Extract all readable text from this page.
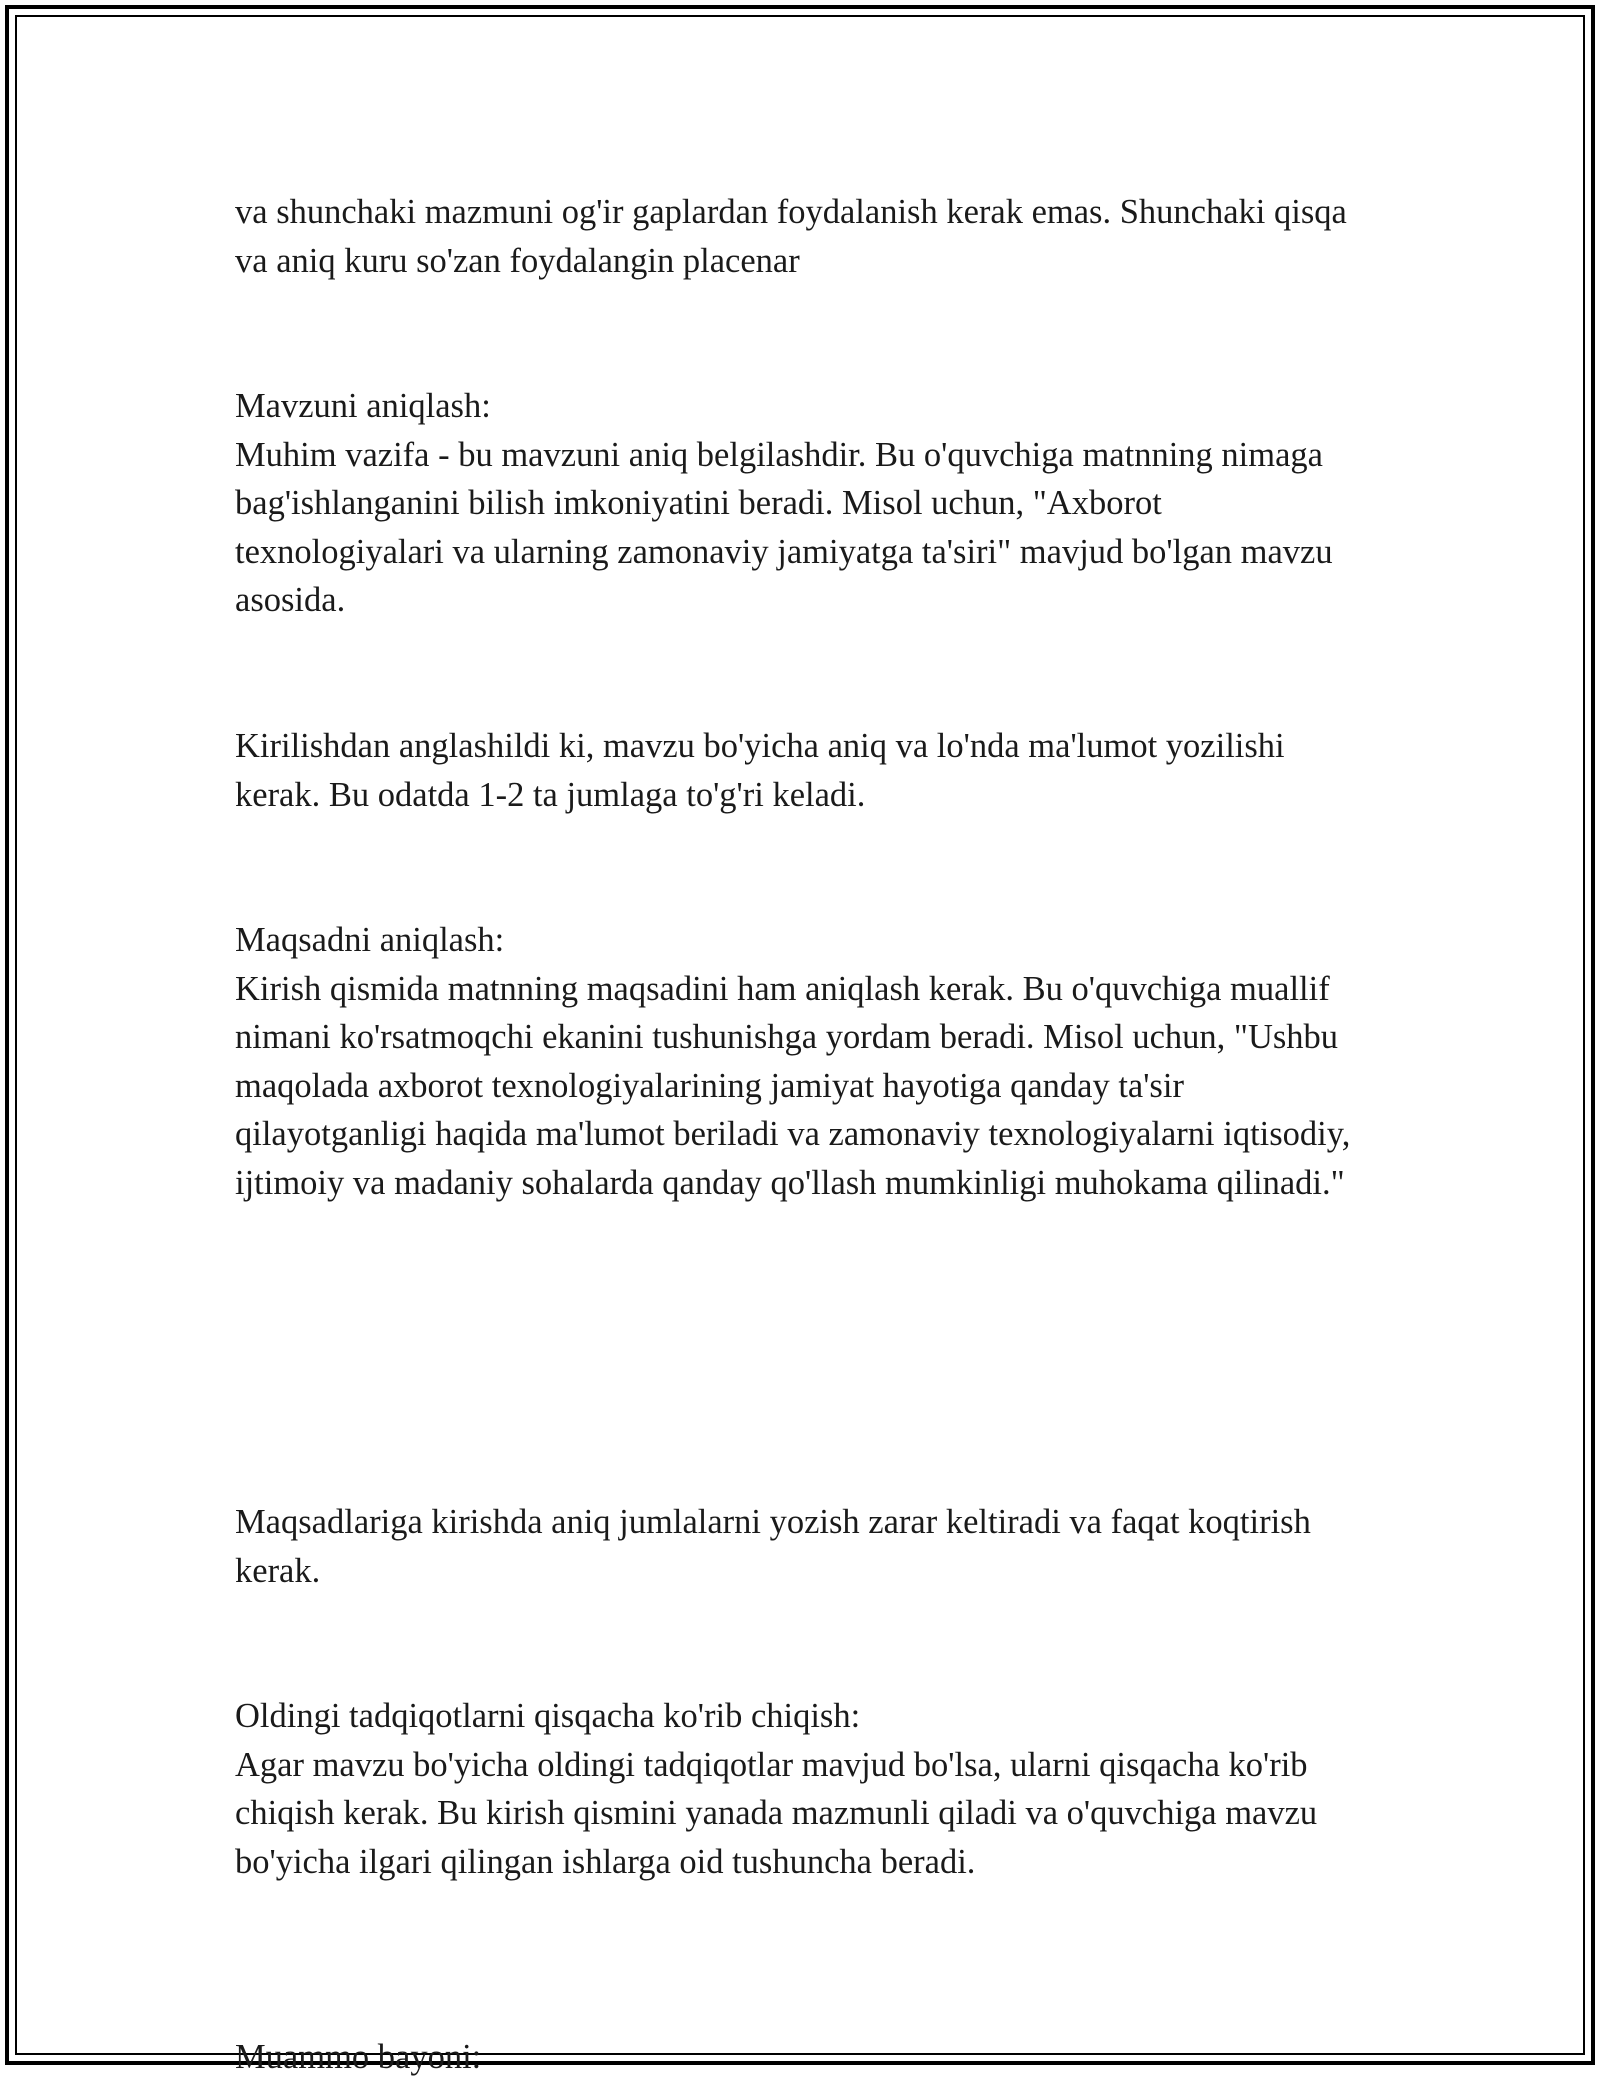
va shunchaki mazmuni og'ir gaplardan foydalanish kerak emas. Shunchaki qisqa va aniq kuru so'zan foydalangin placenar
Mavzuni aniqlash:
Muhim vazifa - bu mavzuni aniq belgilashdir. Bu o'quvchiga matnning nimaga bag'ishlanganini bilish imkoniyatini beradi. Misol uchun, "Axborot texnologiyalari va ularning zamonaviy jamiyatga ta'siri" mavjud bo'lgan mavzu asosida.
Kirilishdan anglashildi ki, mavzu bo'yicha aniq va lo'nda ma'lumot yozilishi kerak. Bu odatda 1-2 ta jumlaga to'g'ri keladi.
Maqsadni aniqlash:
Kirish qismida matnning maqsadini ham aniqlash kerak. Bu o'quvchiga muallif nimani ko'rsatmoqchi ekanini tushunishga yordam beradi. Misol uchun, "Ushbu maqolada axborot texnologiyalarining jamiyat hayotiga qanday ta'sir qilayotganligi haqida ma'lumot beriladi va zamonaviy texnologiyalarni iqtisodiy, ijtimoiy va madaniy sohalarda qanday qo'llash mumkinligi muhokama qilinadi."
Maqsadlariga kirishda aniq jumlalarni yozish zarar keltiradi va faqat koqtirish kerak.
Oldingi tadqiqotlarni qisqacha ko'rib chiqish:
Agar mavzu bo'yicha oldingi tadqiqotlar mavjud bo'lsa, ularni qisqacha ko'rib chiqish kerak. Bu kirish qismini yanada mazmunli qiladi va o'quvchiga mavzu bo'yicha ilgari qilingan ishlarga oid tushuncha beradi.
Muammo bayoni:
